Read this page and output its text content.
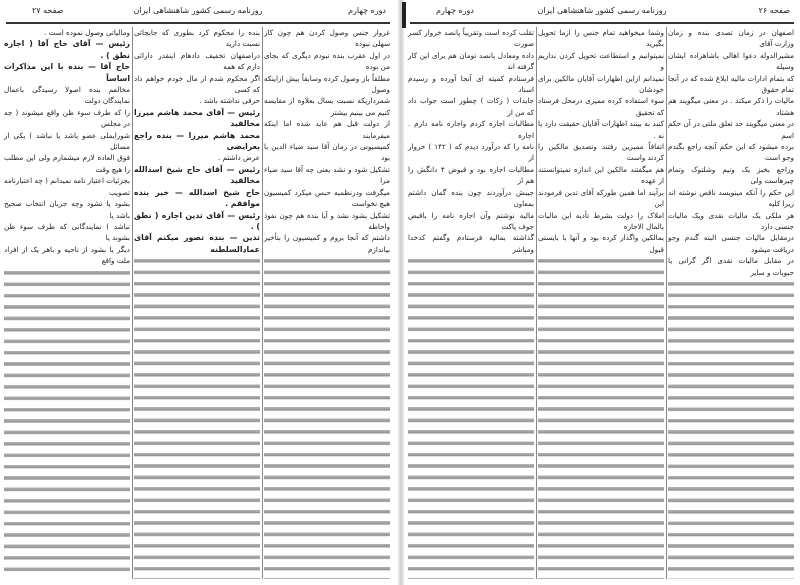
دوره چهارم
روزنامه رسمی کشور شاهنشاهی ایران
صفحه ۲۷
غروار جنس وصول کردن هم چون کار سهلی نبوده
در اول عقرب بنده نبودم دیگری که بجای من بوده
مطلقاً باز وصول کرده وسابقاً پیش ازاینکه وصول
شمرداریکه نسبت بسال بعلاوه از مقایسه کنیم می بینیم بیشتر
از دولت قبل هم عاید شده اما اینکه میفرمایند
کمیسیونی در زمان آقا سید ضیاء الدین با بود
تشکیل شود و نشد یعنی چه آقا سید ضیاء مرا
میگرفت ودرنظمیه حبس میکرد کمیسیون هیچ نخواست
تشکیل بشود نشد و آیا بنده هم چون نفوذ واحاطه
داشتم که آنجا بروم و کمیسیون را بتأخیر بیاندازم
بنده را محکوم کرد بطوری که جابجائی نسبت دارید
دراصفهان تخفیف دادهام اینقدر دارائی دارم که همه
اگر محکوم شدم از مال خودم خواهم داد که کسی
حرفی نداشته باشد .
رئیس — آقای محمد هاشم میرزا مخالفید
محمد هاشم میرزا — بنده راجع بعرایضی
عرض داشتم .
رئیس — آقای حاج شیخ اسدالله مخالفید
حاج شیخ اسدالله — خیر بنده موافقم .
رئیس — آقای تدین اجازه ( نطق ) .
تدین — بنده تصور میکنم آقای عمادالسلطنه
ومالیاتی وصول نموده است .
رئیس — آقای حاج آقا ( اجازه نطق ) .
حاج آقا — بنده با این مذاکرات اساساً
مخالفم بنده اصولا رسیدگی باعمال نمایندگان دولت
را که طرف سوء ظن واقع میشوند ( چه در مجلس
شورایملی عضو باشد یا نباشد ) یکی از مسائل
فوق العاده لازم میشمارم ولی این مطلب را هیچ وقت
بجزئیات اعتبار نامه نمیدانم ( چه اعتبارنامه تصویب
بشود یا نشود وچه جریان انتخاب صحیح باشد یا
نباشد ) نمایندگانی که طرف سوء ظن بشوند یا
دیگر یا بشود از ناحیه و باهر یک از افراد ملت واقع
صفحه ۲۶
روزنامه رسمی کشور شاهنشاهی ایران
دوره چهارم
اصفهان در زمان تصدی بنده و زمان وزارت آقای
مشیرالدوله دعوا اهالی باشاهزاده ایشان وسیله
که بتمام ادارات مالیه ابلاغ شده که در آنجا تمام حقوق
مالیات را ذکر میکند . در معنی میگویند هم هشتاد
در معنی میگویند حد تعلق ملتی در آن حکم اسم
برده میشود که این حکم آنچه راجع بگندم وجو است
وراجع بخبز یک ونیم وشلتوک وتمام چیزهاست ولی
این حکم را آنکه مینویسد ناقص نوشته اند زیرا کلیه
هر ملکی یک مالیات نقدی ویک مالیات جنسی دارد
درمقابل مالیات جنسی البته گندم وجو دریافت میشود
در مقابل مالیات نقدی اگر گرانی یا حبوبات و سایر
وشما میخواهید تمام جنس را ازما تحویل بگیرید
نمیتوانیم و استطاعت تحویل کردن نداریم و
نمیدانم ازاین اظهارات آقایان مالکین برای خودشان
سوء استفاده کرده ممیزی درمحل فرستاد که تحقیق
کنند به بینند اظهارات آقایان حقیقت دارد یا نه .
اتفاقاً ممیزین رفتند وتصدیق مالکین را کردند واست
هم میگفتند مالکین این اندازه نمیتوانستند از عهده
برآیند اما همین طورکه آقای تدین فرمودند این
املاک را دولت بشرط تأدیه این مالیات بالمال الاجاره
بمالکین واگذار کرده بود و آنها با بایستی قبول
تقلب کرده است وتقریباً پانصد خروار کسر صورت
داده ومعادل پانصد تومان هم برای این کار گرفته اند
فرستادم کمیته ای آنجا آورده و رسیدم اسناد
جایدات ( زکات ) چطور است جواب داد که من از
مطالبات اجاره کردم واجاره نامه دارم . اجاره
نامه را که درآورد دیدم که ( ۱۴۲ ) خروار از
مطالبات اجاره بود و قبوض ۴ دانگش را هم از
جیبش درآوردند چون بنده گمان داشتم بمعاون
مالیه نوشتم وآن اجاره نامه را باقبض جوف پاکت
گذاشته بمالیه فرستادم وگفتم کدخدا ومباشر
